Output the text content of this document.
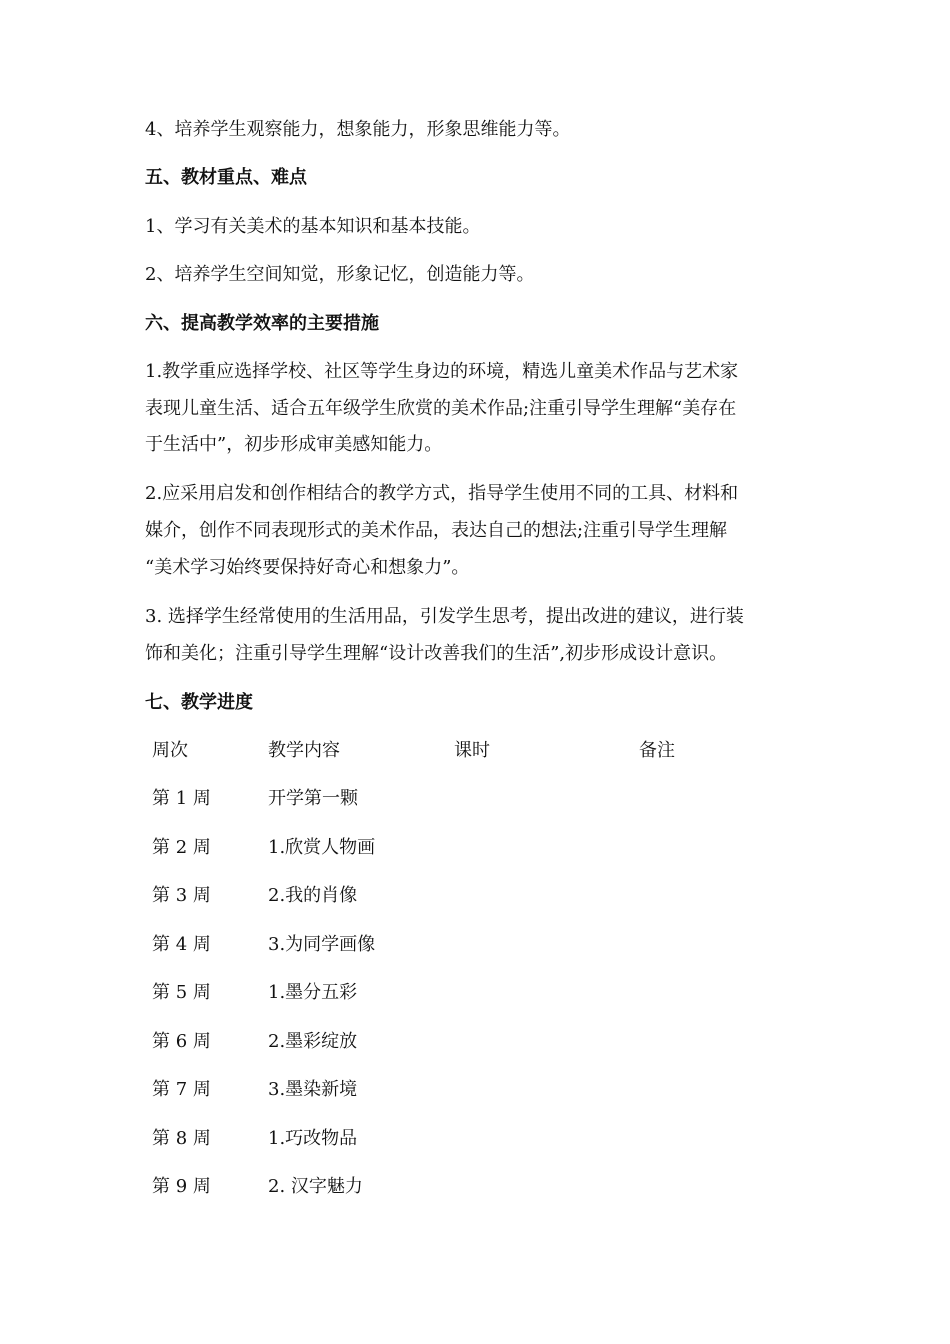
4、培养学生观察能力，想象能力，形象思维能力等。
五、教材重点、难点
1、学习有关美术的基本知识和基本技能。
2、培养学生空间知觉，形象记忆，创造能力等。
六、提高教学效率的主要措施
1.教学重应选择学校、社区等学生身边的环境，精选儿童美术作品与艺术家
表现儿童生活、适合五年级学生欣赏的美术作品;注重引导学生理解“美存在
于生活中”，初步形成审美感知能力。
2.应采用启发和创作相结合的教学方式，指导学生使用不同的工具、材料和
媒介，创作不同表现形式的美术作品，表达自己的想法;注重引导学生理解
“美术学习始终要保持好奇心和想象力”。
3. 选择学生经常使用的生活用品，引发学生思考，提出改进的建议，进行装
饰和美化；注重引导学生理解“设计改善我们的生活”,初步形成设计意识。
七、教学进度
周次	教学内容	课时	备注
第 1 周	开学第一颗
第 2 周	1.欣赏人物画
第 3 周	2.我的肖像
第 4 周	3.为同学画像
第 5 周	1.墨分五彩
第 6 周	2.墨彩绽放
第 7 周	3.墨染新境
第 8 周	1.巧改物品
第 9 周	2. 汉字魅力
